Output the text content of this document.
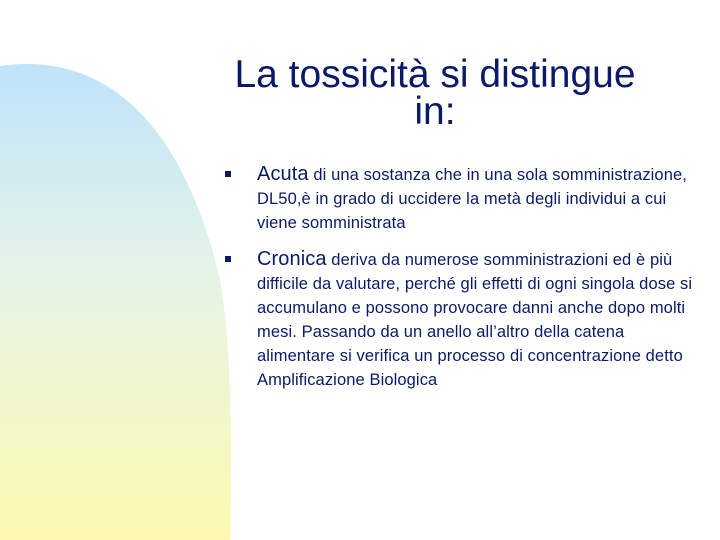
La tossicità si distingue
in:
Acuta di una sostanza che in una sola somministrazione, DL50,è in grado di uccidere la metà degli individui a cui viene somministrata
Cronica deriva da numerose somministrazioni ed è più difficile da valutare, perché gli effetti di ogni singola dose si accumulano e possono provocare danni anche dopo molti mesi. Passando da un anello all’altro della catena alimentare si verifica un processo di concentrazione detto Amplificazione Biologica
